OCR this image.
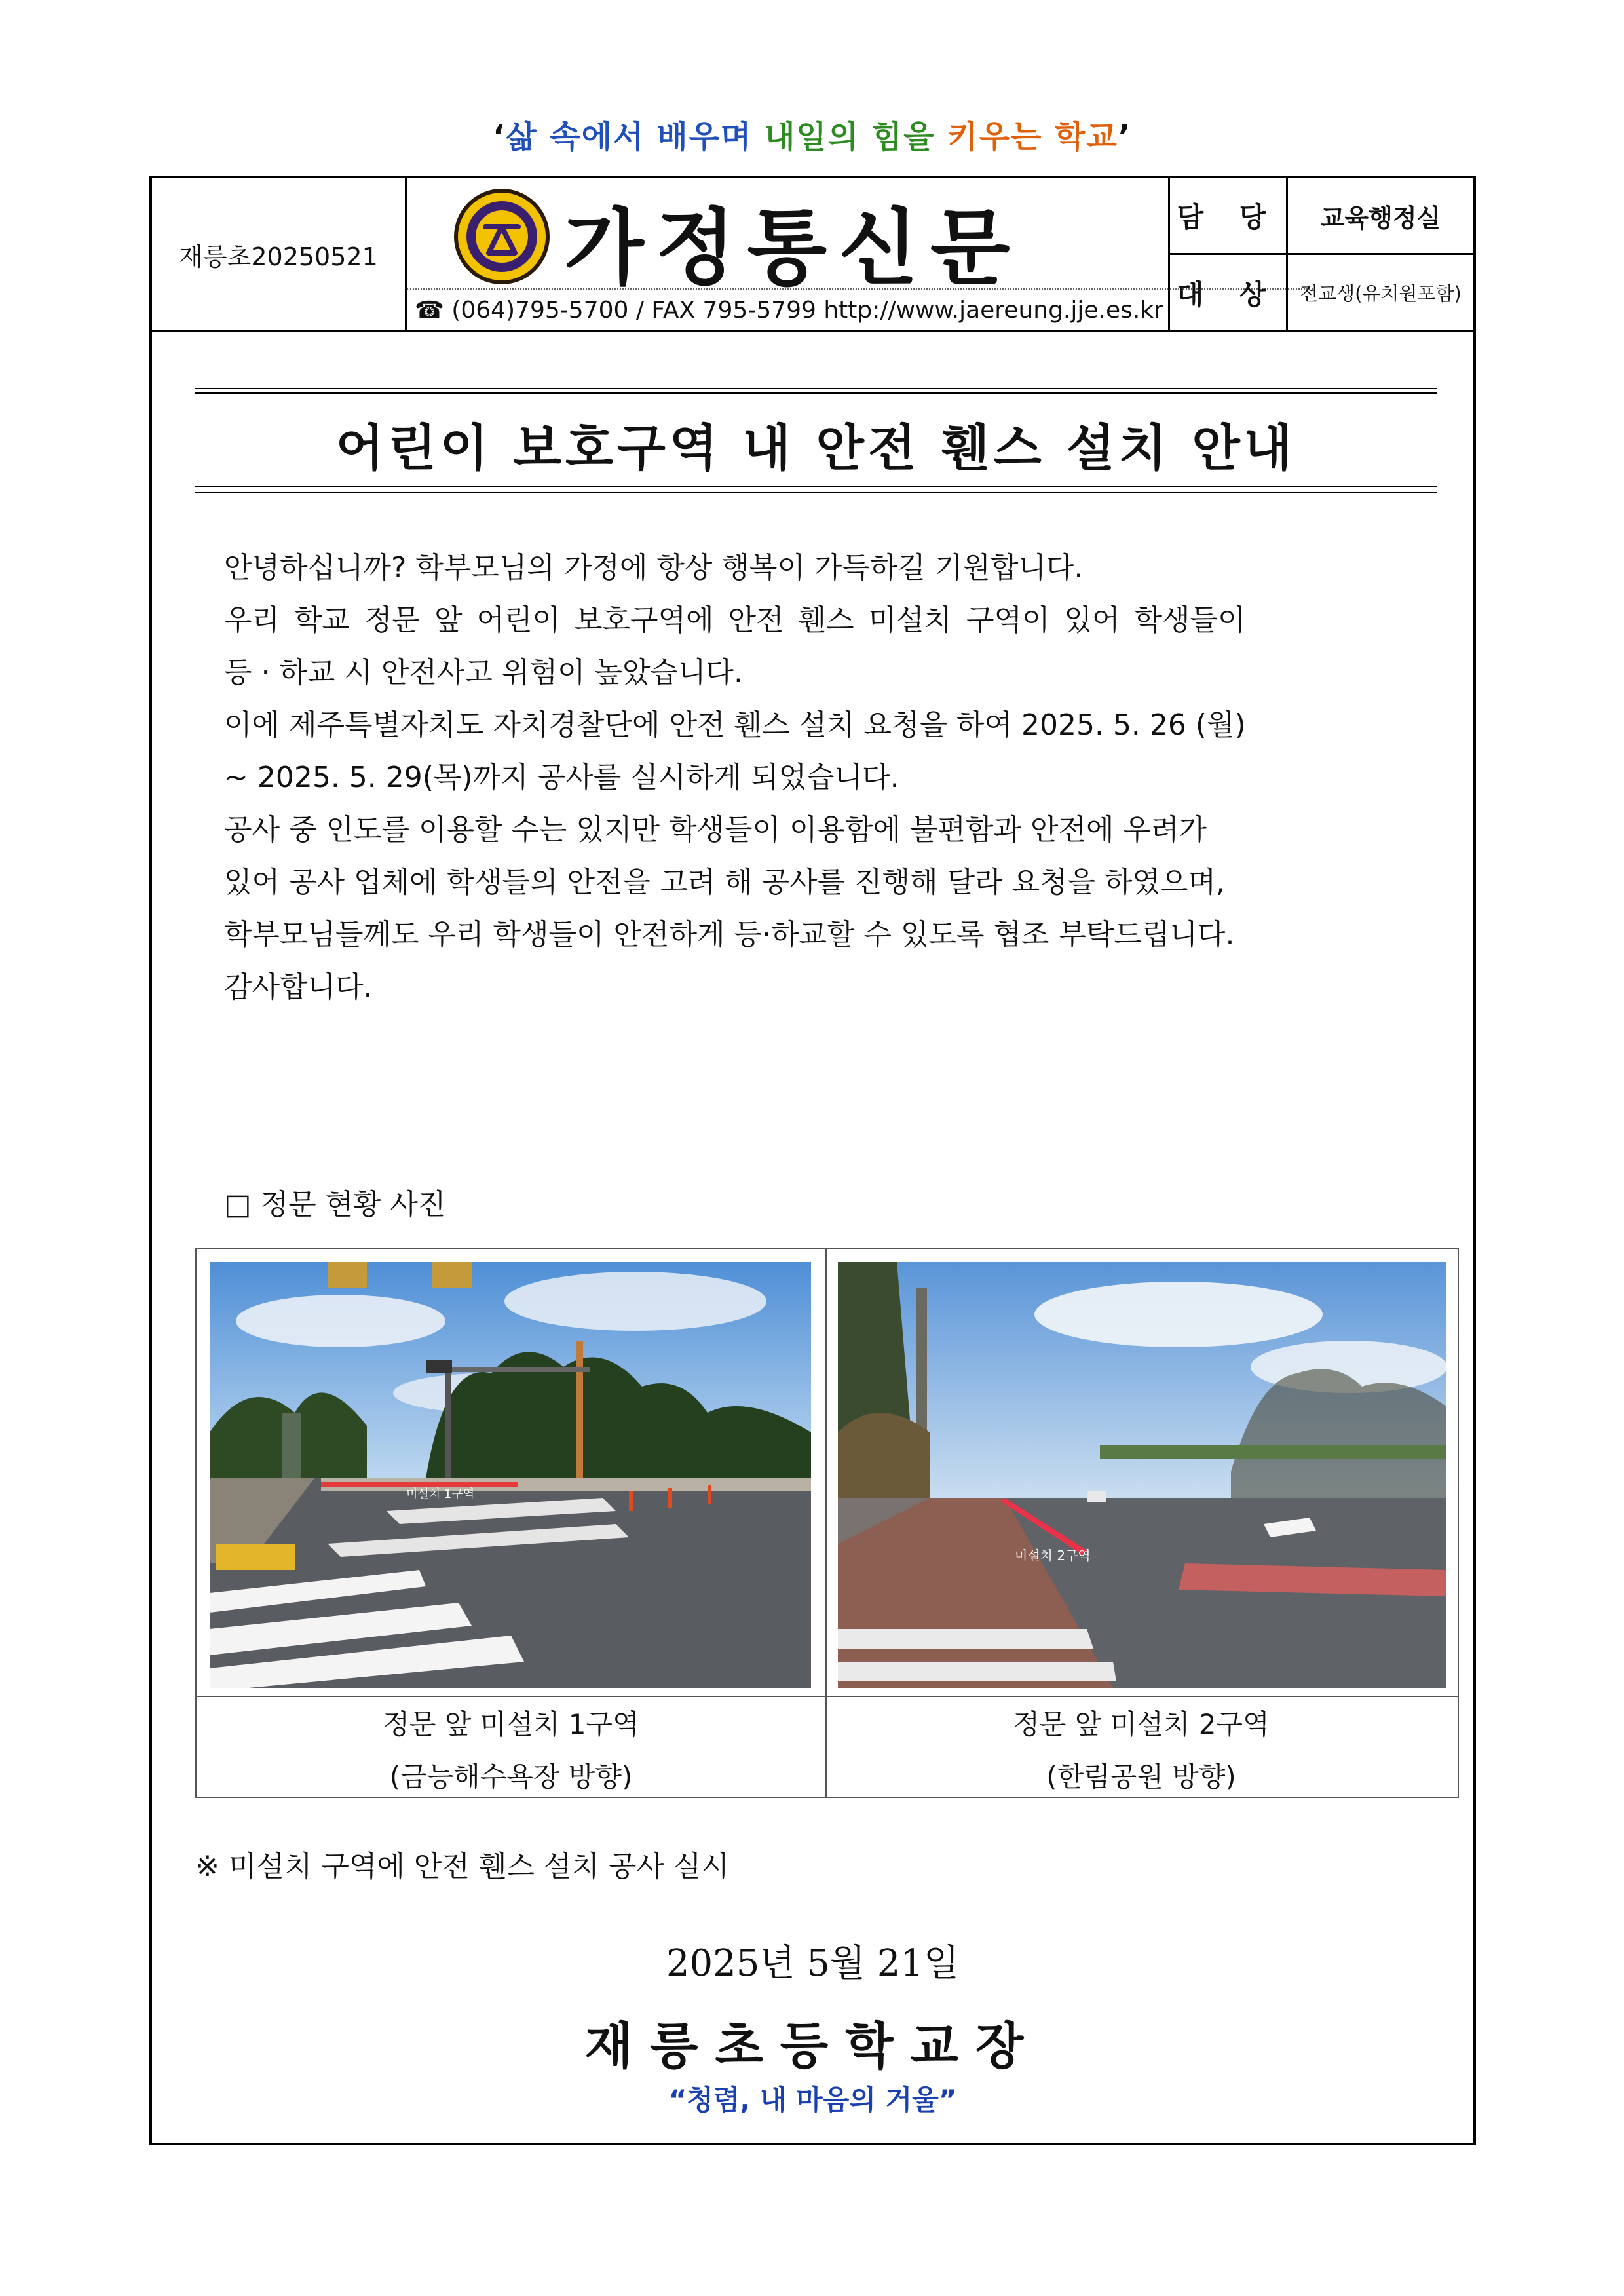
‘삶 속에서 배우며 내일의 힘을 키우는 학교’
재릉초20250521	가정통신문
☎ (064)795-5700 / FAX 795-5799 http://www.jaereung.jje.es.kr
담 당	교육행정실
대 상	전교생(유치원포함)
어린이 보호구역 내 안전 휀스 설치 안내

안녕하십니까? 학부모님의 가정에 항상 행복이 가득하길 기원합니다.

우리 학교 정문 앞 어린이 보호구역에 안전 휀스 미설치 구역이 있어 학생들이

등 · 하교 시 안전사고 위험이 높았습니다.

이에 제주특별자치도 자치경찰단에 안전 휀스 설치 요청을 하여 2025. 5. 26 (월)

~ 2025. 5. 29(목)까지 공사를 실시하게 되었습니다.

공사 중 인도를 이용할 수는 있지만 학생들이 이용함에 불편함과 안전에 우려가

있어 공사 업체에 학생들의 안전을 고려 해 공사를 진행해 달라 요청을 하였으며,

학부모님들께도 우리 학생들이 안전하게 등·하교할 수 있도록 협조 부탁드립니다.

감사합니다.

□ 정문 현황 사진
미설치 1구역
미설치 2구역
정문 앞 미설치 1구역
(금능해수욕장 방향)
정문 앞 미설치 2구역
(한림공원 방향)
※ 미설치 구역에 안전 휀스 설치 공사 실시
2025년 5월 21일
재릉초등학교장
“청렴, 내 마음의 거울”
